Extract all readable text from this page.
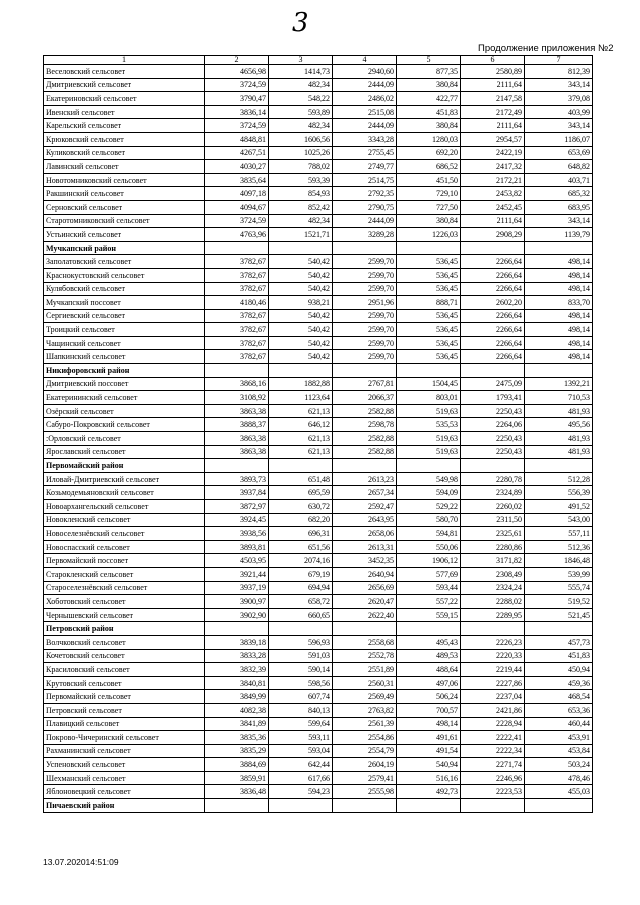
3
Продолжение приложения №2
1	2	3	4	5	6	7
Веселовский сельсовет	4656,98	1414,73	2940,60	877,35	2580,89	812,39
Дмитриевский сельсовет	3724,59	482,34	2444,09	380,84	2111,64	343,14
Екатериновский сельсовет	3790,47	548,22	2486,02	422,77	2147,58	379,08
Ивенский сельсовет	3836,14	593,89	2515,08	451,83	2172,49	403,99
Карельский сельсовет	3724,59	482,34	2444,09	380,84	2111,64	343,14
Крюковский сельсовет	4848,81	1606,56	3343,28	1280,03	2954,57	1186,07
Куликовский сельсовет	4267,51	1025,26	2755,45	692,20	2422,19	653,69
Лавинский сельсовет	4030,27	788,02	2749,77	686,52	2417,32	648,82
Новотомниковский сельсовет	3835,64	593,39	2514,75	451,50	2172,21	403,71
Ракшинский сельсовет	4097,18	854,93	2792,35	729,10	2453,82	685,32
Серновский сельсовет	4094,67	852,42	2790,75	727,50	2452,45	683,95
Старотомниковский сельсовет	3724,59	482,34	2444,09	380,84	2111,64	343,14
Устьинский сельсовет	4763,96	1521,71	3289,28	1226,03	2908,29	1139,79
Мучкапский район						
Заполатовский сельсовет	3782,67	540,42	2599,70	536,45	2266,64	498,14
Краснокустовский сельсовет	3782,67	540,42	2599,70	536,45	2266,64	498,14
Кулябовский сельсовет	3782,67	540,42	2599,70	536,45	2266,64	498,14
Мучкапский поссовет	4180,46	938,21	2951,96	888,71	2602,20	833,70
Сергиевский сельсовет	3782,67	540,42	2599,70	536,45	2266,64	498,14
Троицкий сельсовет	3782,67	540,42	2599,70	536,45	2266,64	498,14
Чащинский сельсовет	3782,67	540,42	2599,70	536,45	2266,64	498,14
Шапкинский сельсовет	3782,67	540,42	2599,70	536,45	2266,64	498,14
Никифоровский район						
Дмитриевский поссовет	3868,16	1882,88	2767,81	1504,45	2475,09	1392,21
Екатерининский сельсовет	3108,92	1123,64	2066,37	803,01	1793,41	710,53
Озёрский сельсовет	3863,38	621,13	2582,88	519,63	2250,43	481,93
Сабуро-Покровский сельсовет	3888,37	646,12	2598,78	535,53	2264,06	495,56
:Орловский сельсовет	3863,38	621,13	2582,88	519,63	2250,43	481,93
Ярославский сельсовет	3863,38	621,13	2582,88	519,63	2250,43	481,93
Первомайский район						
Иловай-Дмитриевский сельсовет	3893,73	651,48	2613,23	549,98	2280,78	512,28
Козьмодемьяновский сельсовет	3937,84	695,59	2657,34	594,09	2324,89	556,39
Новоархангельский сельсовет	3872,97	630,72	2592,47	529,22	2260,02	491,52
Новокленский сельсовет	3924,45	682,20	2643,95	580,70	2311,50	543,00
Новоселезнёвский сельсовет	3938,56	696,31	2658,06	594,81	2325,61	557,11
Новоспасский сельсовет	3893,81	651,56	2613,31	550,06	2280,86	512,36
Первомайский поссовет	4503,95	2074,16	3452,35	1906,12	3171,82	1846,48
Старокленский сельсовет	3921,44	679,19	2640,94	577,69	2308,49	539,99
Староселезнёвский сельсовет	3937,19	694,94	2656,69	593,44	2324,24	555,74
Хоботовский сельсовет	3900,97	658,72	2620,47	557,22	2288,02	519,52
Чернышевский сельсовет	3902,90	660,65	2622,40	559,15	2289,95	521,45
Петровский район						
Волчковский сельсовет	3839,18	596,93	2558,68	495,43	2226,23	457,73
Кочетовский сельсовет	3833,28	591,03	2552,78	489,53	2220,33	451,83
Красиловский сельсовет	3832,39	590,14	2551,89	488,64	2219,44	450,94
Крутовский сельсовет	3840,81	598,56	2560,31	497,06	2227,86	459,36
Первомайский сельсовет	3849,99	607,74	2569,49	506,24	2237,04	468,54
Петровский сельсовет	4082,38	840,13	2763,82	700,57	2421,86	653,36
Плавицкий сельсовет	3841,89	599,64	2561,39	498,14	2228,94	460,44
Покрово-Чичеринский сельсовет	3835,36	593,11	2554,86	491,61	2222,41	453,91
Рахманинский сельсовет	3835,29	593,04	2554,79	491,54	2222,34	453,84
Успеновский сельсовет	3884,69	642,44	2604,19	540,94	2271,74	503,24
Шехманский сельсовет	3859,91	617,66	2579,41	516,16	2246,96	478,46
Яблоновецкий сельсовет	3836,48	594,23	2555,98	492,73	2223,53	455,03
Пичаевский район						
13.07.202014:51:09
